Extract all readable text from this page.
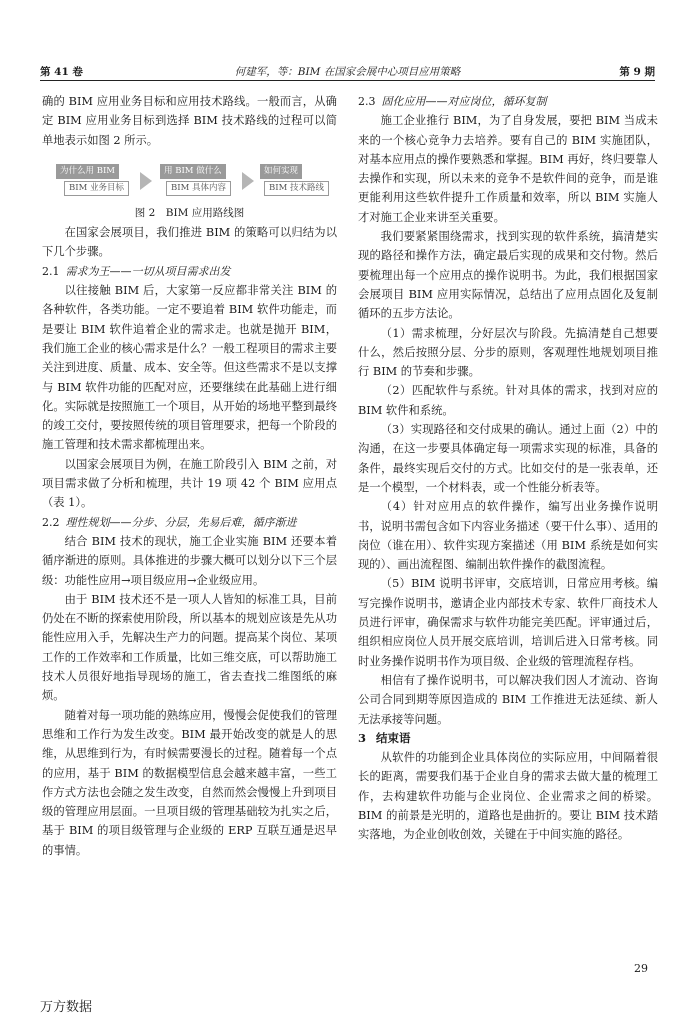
第 41 卷	何建军，等：BIM 在国家会展中心项目应用策略	第 9 期

确的 BIM 应用业务目标和应用技术路线。一般而言，从确定 BIM 应用业务目标到选择 BIM 技术路线的过程可以简单地表示如图 2 所示。

为什么用 BIM
BIM 业务目标
用 BIM 做什么
BIM 具体内容
如何实现
BIM 技术路线

图 2　BIM 应用路线图

在国家会展项目，我们推进 BIM 的策略可以归结为以下几个步骤。

2.1 需求为王——一切从项目需求出发

以往接触 BIM 后，大家第一反应都非常关注 BIM 的各种软件，各类功能。一定不要追着 BIM 软件功能走，而是要让 BIM 软件追着企业的需求走。也就是抛开 BIM，我们施工企业的核心需求是什么？一般工程项目的需求主要关注到进度、质量、成本、安全等。但这些需求不是以支撑与 BIM 软件功能的匹配对应，还要继续在此基础上进行细化。实际就是按照施工一个项目，从开始的场地平整到最终的竣工交付，要按照传统的项目管理要求，把每一个阶段的施工管理和技术需求都梳理出来。

以国家会展项目为例，在施工阶段引入 BIM 之前，对项目需求做了分析和梳理，共计 19 项 42 个 BIM 应用点（表 1）。

2.2 理性规划——分步、分层，先易后难，循序渐进

结合 BIM 技术的现状，施工企业实施 BIM 还要本着循序渐进的原则。具体推进的步骤大概可以划分以下三个层级：功能性应用→项目级应用→企业级应用。

由于 BIM 技术还不是一项人人皆知的标准工具，目前仍处在不断的探索使用阶段，所以基本的规划应该是先从功能性应用入手，先解决生产力的问题。提高某个岗位、某项工作的工作效率和工作质量，比如三维交底，可以帮助施工技术人员很好地指导现场的施工，省去查找二维图纸的麻烦。

随着对每一项功能的熟练应用，慢慢会促使我们的管理思维和工作行为发生改变。BIM 最开始改变的就是人的思维，从思维到行为，有时候需要漫长的过程。随着每一个点的应用，基于 BIM 的数据模型信息会越来越丰富，一些工作方式方法也会随之发生改变，自然而然会慢慢上升到项目级的管理应用层面。一旦项目级的管理基础较为扎实之后，基于 BIM 的项目级管理与企业级的 ERP 互联互通是迟早的事情。

2.3 固化应用——对应岗位，循环复制

施工企业推行 BIM，为了自身发展，要把 BIM 当成未来的一个核心竞争力去培养。要有自己的 BIM 实施团队，对基本应用点的操作要熟悉和掌握。BIM 再好，终归要靠人去操作和实现，所以未来的竞争不是软件间的竞争，而是谁更能利用这些软件提升工作质量和效率，所以 BIM 实施人才对施工企业来讲至关重要。

我们要紧紧围绕需求，找到实现的软件系统，搞清楚实现的路径和操作方法，确定最后实现的成果和交付物。然后要梳理出每一个应用点的操作说明书。为此，我们根据国家会展项目 BIM 应用实际情况，总结出了应用点固化及复制循环的五步方法论。

（1）需求梳理，分好层次与阶段。先搞清楚自己想要什么，然后按照分层、分步的原则，客观理性地规划项目推行 BIM 的节奏和步骤。

（2）匹配软件与系统。针对具体的需求，找到对应的 BIM 软件和系统。

（3）实现路径和交付成果的确认。通过上面（2）中的沟通，在这一步要具体确定每一项需求实现的标准，具备的条件，最终实现后交付的方式。比如交付的是一张表单，还是一个模型，一个材料表，或一个性能分析表等。

（4）针对应用点的软件操作，编写出业务操作说明书，说明书需包含如下内容业务描述（要干什么事）、适用的岗位（谁在用）、软件实现方案描述（用 BIM 系统是如何实现的）、画出流程图、编制出软件操作的截图流程。

（5）BIM 说明书评审，交底培训，日常应用考核。编写完操作说明书，邀请企业内部技术专家、软件厂商技术人员进行评审，确保需求与软件功能完美匹配。评审通过后，组织相应岗位人员开展交底培训，培训后进入日常考核。同时业务操作说明书作为项目级、企业级的管理流程存档。

相信有了操作说明书，可以解决我们因人才流动、咨询公司合同到期等原因造成的 BIM 工作推进无法延续、新人无法承接等问题。

3 结束语

从软件的功能到企业具体岗位的实际应用，中间隔着很长的距离，需要我们基于企业自身的需求去做大量的梳理工作，去构建软件功能与企业岗位、企业需求之间的桥梁。BIM 的前景是光明的，道路也是曲折的。要让 BIM 技术踏实落地，为企业创收创效，关键在于中间实施的路径。

29
万方数据
